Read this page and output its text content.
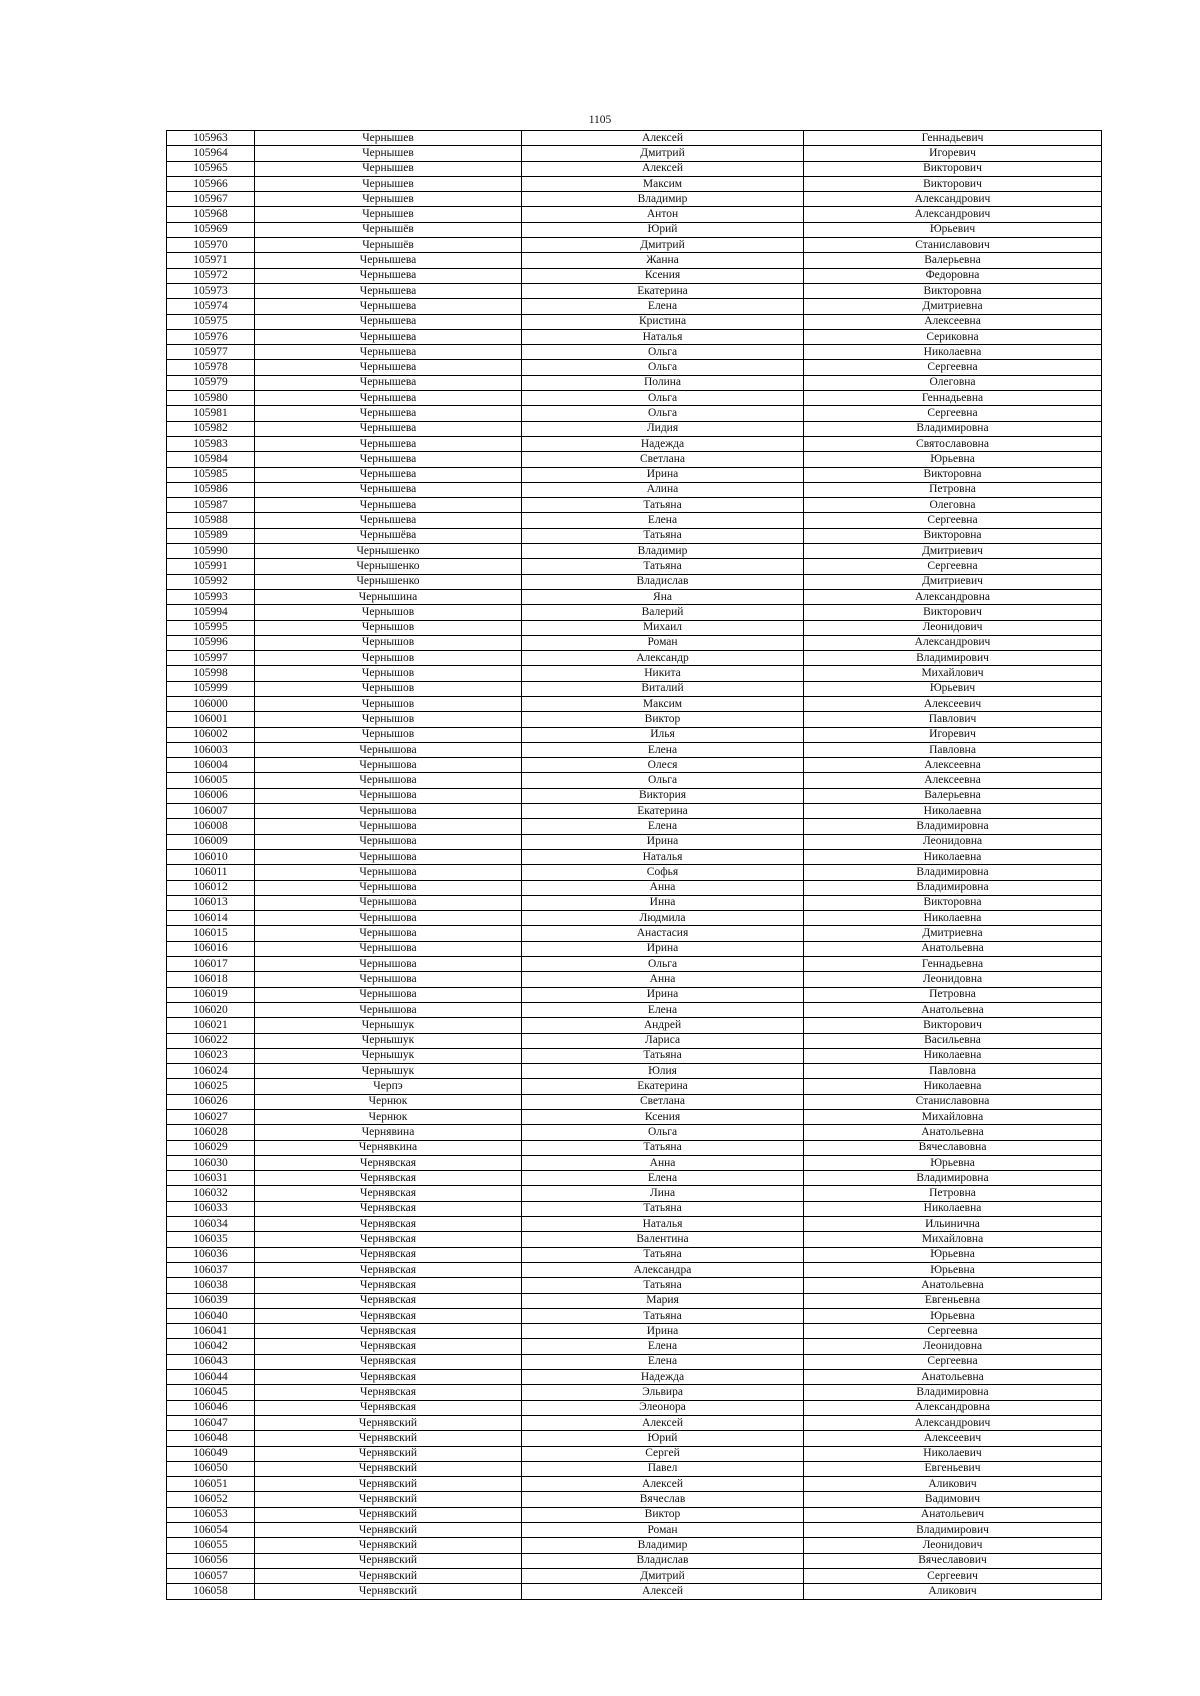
1105
105963	Чернышев	Алексей	Геннадьевич
105964	Чернышев	Дмитрий	Игоревич
105965	Чернышев	Алексей	Викторович
105966	Чернышев	Максим	Викторович
105967	Чернышев	Владимир	Александрович
105968	Чернышев	Антон	Александрович
105969	Чернышёв	Юрий	Юрьевич
105970	Чернышёв	Дмитрий	Станиславович
105971	Чернышева	Жанна	Валерьевна
105972	Чернышева	Ксения	Федоровна
105973	Чернышева	Екатерина	Викторовна
105974	Чернышева	Елена	Дмитриевна
105975	Чернышева	Кристина	Алексеевна
105976	Чернышева	Наталья	Сериковна
105977	Чернышева	Ольга	Николаевна
105978	Чернышева	Ольга	Сергеевна
105979	Чернышева	Полина	Олеговна
105980	Чернышева	Ольга	Геннадьевна
105981	Чернышева	Ольга	Сергеевна
105982	Чернышева	Лидия	Владимировна
105983	Чернышева	Надежда	Святославовна
105984	Чернышева	Светлана	Юрьевна
105985	Чернышева	Ирина	Викторовна
105986	Чернышева	Алина	Петровна
105987	Чернышева	Татьяна	Олеговна
105988	Чернышева	Елена	Сергеевна
105989	Чернышёва	Татьяна	Викторовна
105990	Чернышенко	Владимир	Дмитриевич
105991	Чернышенко	Татьяна	Сергеевна
105992	Чернышенко	Владислав	Дмитриевич
105993	Чернышина	Яна	Александровна
105994	Чернышов	Валерий	Викторович
105995	Чернышов	Михаил	Леонидович
105996	Чернышов	Роман	Александрович
105997	Чернышов	Александр	Владимирович
105998	Чернышов	Никита	Михайлович
105999	Чернышов	Виталий	Юрьевич
106000	Чернышов	Максим	Алексеевич
106001	Чернышов	Виктор	Павлович
106002	Чернышов	Илья	Игоревич
106003	Чернышова	Елена	Павловна
106004	Чернышова	Олеся	Алексеевна
106005	Чернышова	Ольга	Алексеевна
106006	Чернышова	Виктория	Валерьевна
106007	Чернышова	Екатерина	Николаевна
106008	Чернышова	Елена	Владимировна
106009	Чернышова	Ирина	Леонидовна
106010	Чернышова	Наталья	Николаевна
106011	Чернышова	Софья	Владимировна
106012	Чернышова	Анна	Владимировна
106013	Чернышова	Инна	Викторовна
106014	Чернышова	Людмила	Николаевна
106015	Чернышова	Анастасия	Дмитриевна
106016	Чернышова	Ирина	Анатольевна
106017	Чернышова	Ольга	Геннадьевна
106018	Чернышова	Анна	Леонидовна
106019	Чернышова	Ирина	Петровна
106020	Чернышова	Елена	Анатольевна
106021	Чернышук	Андрей	Викторович
106022	Чернышук	Лариса	Васильевна
106023	Чернышук	Татьяна	Николаевна
106024	Чернышук	Юлия	Павловна
106025	Черпэ	Екатерина	Николаевна
106026	Чернюк	Светлана	Станиславовна
106027	Чернюк	Ксения	Михайловна
106028	Чернявина	Ольга	Анатольевна
106029	Чернявкина	Татьяна	Вячеславовна
106030	Чернявская	Анна	Юрьевна
106031	Чернявская	Елена	Владимировна
106032	Чернявская	Лина	Петровна
106033	Чернявская	Татьяна	Николаевна
106034	Чернявская	Наталья	Ильинична
106035	Чернявская	Валентина	Михайловна
106036	Чернявская	Татьяна	Юрьевна
106037	Чернявская	Александра	Юрьевна
106038	Чернявская	Татьяна	Анатольевна
106039	Чернявская	Мария	Евгеньевна
106040	Чернявская	Татьяна	Юрьевна
106041	Чернявская	Ирина	Сергеевна
106042	Чернявская	Елена	Леонидовна
106043	Чернявская	Елена	Сергеевна
106044	Чернявская	Надежда	Анатольевна
106045	Чернявская	Эльвира	Владимировна
106046	Чернявская	Элеонора	Александровна
106047	Чернявский	Алексей	Александрович
106048	Чернявский	Юрий	Алексеевич
106049	Чернявский	Сергей	Николаевич
106050	Чернявский	Павел	Евгеньевич
106051	Чернявский	Алексей	Аликович
106052	Чернявский	Вячеслав	Вадимович
106053	Чернявский	Виктор	Анатольевич
106054	Чернявский	Роман	Владимирович
106055	Чернявский	Владимир	Леонидович
106056	Чернявский	Владислав	Вячеславович
106057	Чернявский	Дмитрий	Сергеевич
106058	Чернявский	Алексей	Аликович
